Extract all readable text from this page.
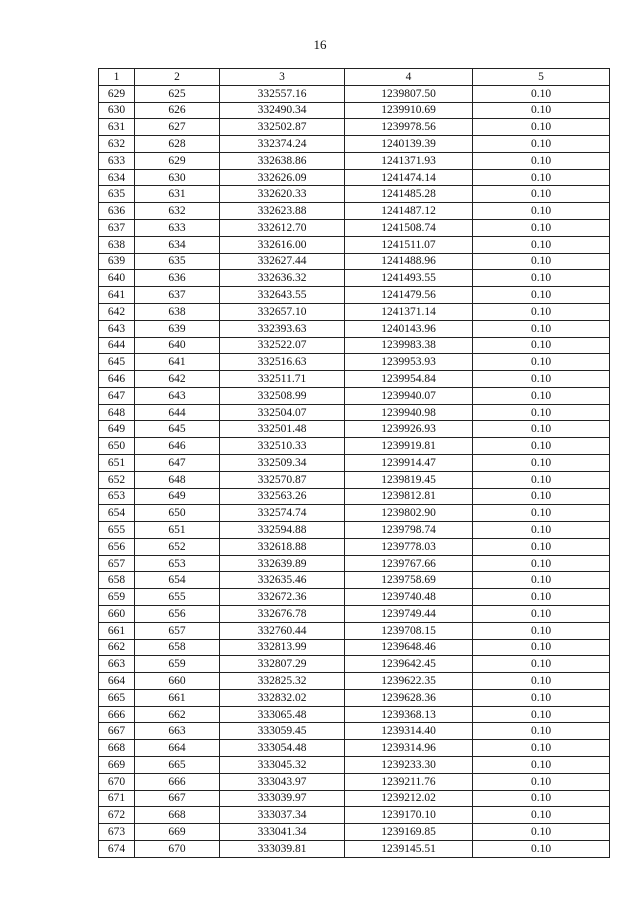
16
1	2	3	4	5
629	625	332557.16	1239807.50	0.10
630	626	332490.34	1239910.69	0.10
631	627	332502.87	1239978.56	0.10
632	628	332374.24	1240139.39	0.10
633	629	332638.86	1241371.93	0.10
634	630	332626.09	1241474.14	0.10
635	631	332620.33	1241485.28	0.10
636	632	332623.88	1241487.12	0.10
637	633	332612.70	1241508.74	0.10
638	634	332616.00	1241511.07	0.10
639	635	332627.44	1241488.96	0.10
640	636	332636.32	1241493.55	0.10
641	637	332643.55	1241479.56	0.10
642	638	332657.10	1241371.14	0.10
643	639	332393.63	1240143.96	0.10
644	640	332522.07	1239983.38	0.10
645	641	332516.63	1239953.93	0.10
646	642	332511.71	1239954.84	0.10
647	643	332508.99	1239940.07	0.10
648	644	332504.07	1239940.98	0.10
649	645	332501.48	1239926.93	0.10
650	646	332510.33	1239919.81	0.10
651	647	332509.34	1239914.47	0.10
652	648	332570.87	1239819.45	0.10
653	649	332563.26	1239812.81	0.10
654	650	332574.74	1239802.90	0.10
655	651	332594.88	1239798.74	0.10
656	652	332618.88	1239778.03	0.10
657	653	332639.89	1239767.66	0.10
658	654	332635.46	1239758.69	0.10
659	655	332672.36	1239740.48	0.10
660	656	332676.78	1239749.44	0.10
661	657	332760.44	1239708.15	0.10
662	658	332813.99	1239648.46	0.10
663	659	332807.29	1239642.45	0.10
664	660	332825.32	1239622.35	0.10
665	661	332832.02	1239628.36	0.10
666	662	333065.48	1239368.13	0.10
667	663	333059.45	1239314.40	0.10
668	664	333054.48	1239314.96	0.10
669	665	333045.32	1239233.30	0.10
670	666	333043.97	1239211.76	0.10
671	667	333039.97	1239212.02	0.10
672	668	333037.34	1239170.10	0.10
673	669	333041.34	1239169.85	0.10
674	670	333039.81	1239145.51	0.10
